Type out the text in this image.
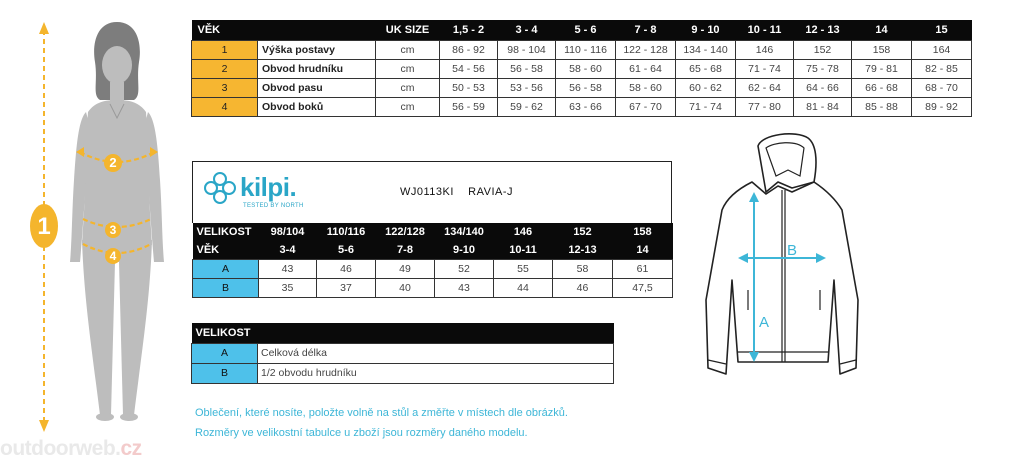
1
2
3
4
VĚK		UK SIZE	1,5 - 2	3 - 4	5 - 6	7 - 8	9 - 10	10 - 11	12 - 13	14	15
1	Výška postavy	cm	86 - 92	98 - 104	110 - 116	122 - 128	134 - 140	146	152	158	164
2	Obvod hrudníku	cm	54 - 56	56 - 58	58 - 60	61 - 64	65 - 68	71 - 74	75 - 78	79 - 81	82 - 85
3	Obvod pasu	cm	50 - 53	53 - 56	56 - 58	58 - 60	60 - 62	62 - 64	64 - 66	66 - 68	68 - 70
4	Obvod boků	cm	56 - 59	59 - 62	63 - 66	67 - 70	71 - 74	77 - 80	81 - 84	85 - 88	89 - 92
kilpi.
TESTED BY NORTH
WJ0113KI    RAVIA-J
VELIKOST	98/104	110/116	122/128	134/140	146	152	158
VĚK	3-4	5-6	7-8	9-10	10-11	12-13	14
A	43	46	49	52	55	58	61
B	35	37	40	43	44	46	47,5
VELIKOST	
A	Celková délka
B	1/2 obvodu hrudníku
A
B
Oblečení, které nosíte, položte volně na stůl a změřte v místech dle obrázků.
Rozměry ve velikostní tabulce u zboží jsou rozměry daného modelu.
outdoorweb.cz
